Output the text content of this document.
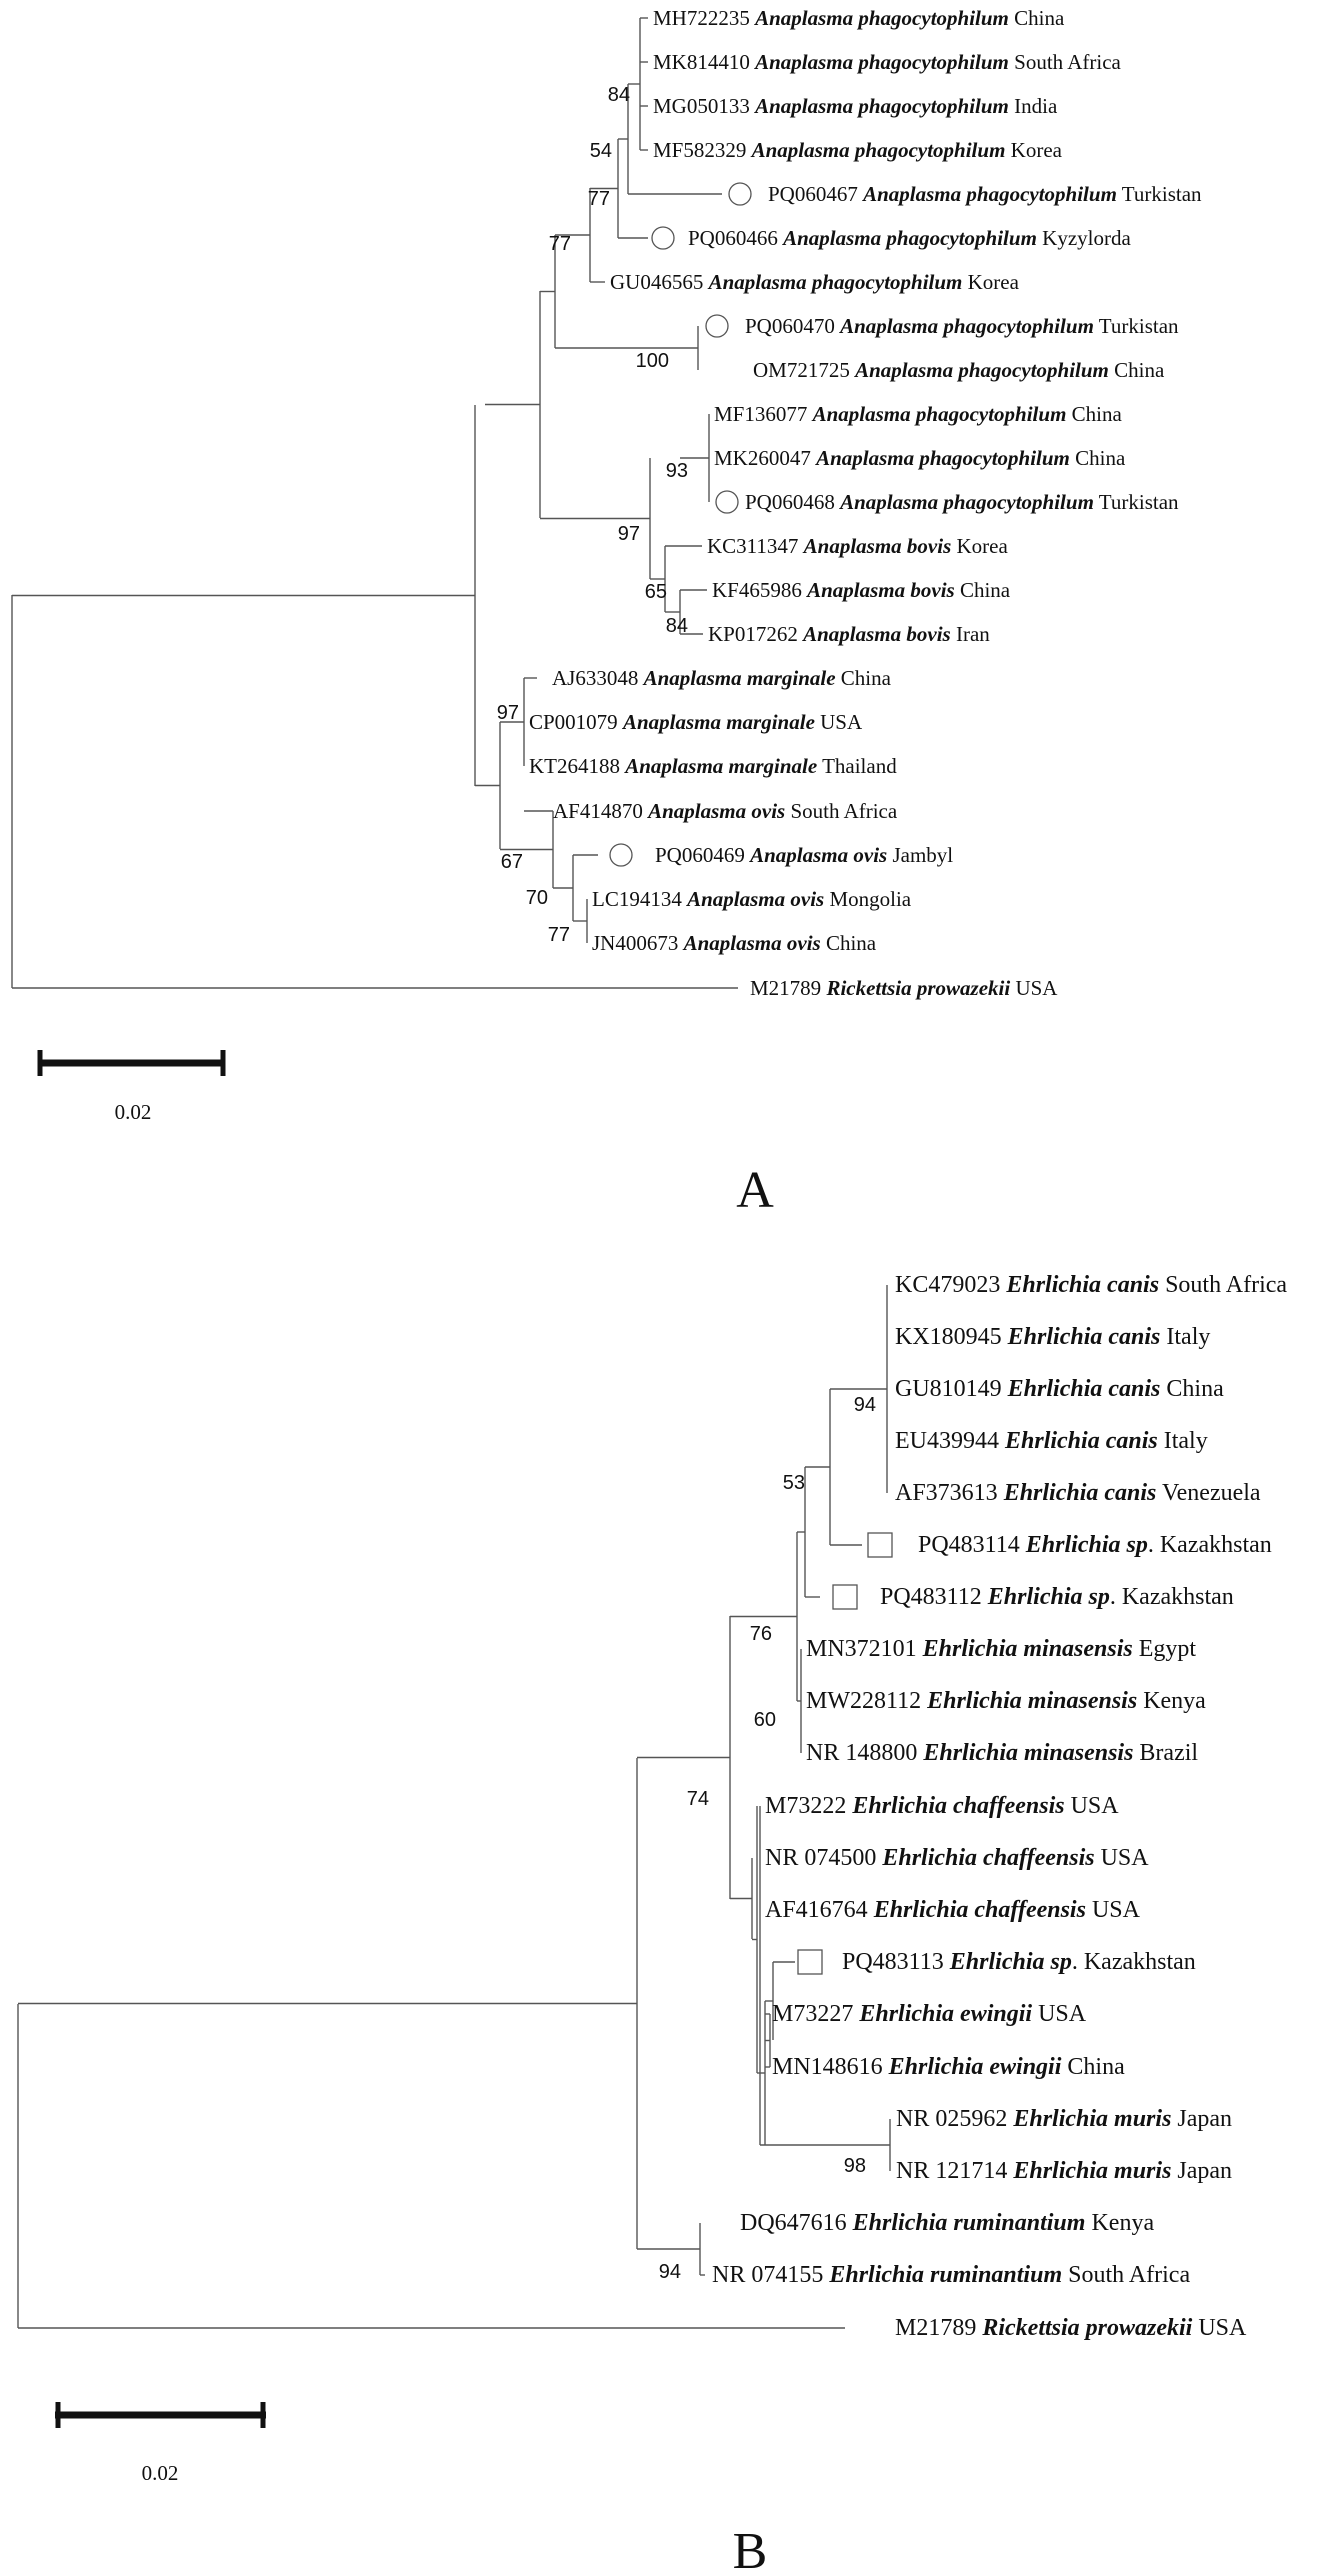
MH722235 Anaplasma phagocytophilum China
MK814410 Anaplasma phagocytophilum South Africa
MG050133 Anaplasma phagocytophilum India
MF582329 Anaplasma phagocytophilum Korea
PQ060467 Anaplasma phagocytophilum Turkistan
PQ060466 Anaplasma phagocytophilum Kyzylorda
GU046565 Anaplasma phagocytophilum Korea
PQ060470 Anaplasma phagocytophilum Turkistan
OM721725 Anaplasma phagocytophilum China
MF136077 Anaplasma phagocytophilum China
MK260047 Anaplasma phagocytophilum China
PQ060468 Anaplasma phagocytophilum Turkistan
KC311347 Anaplasma bovis Korea
KF465986 Anaplasma bovis China
KP017262 Anaplasma bovis Iran
AJ633048 Anaplasma marginale China
CP001079 Anaplasma marginale USA
KT264188 Anaplasma marginale Thailand
AF414870 Anaplasma ovis South Africa
PQ060469 Anaplasma ovis Jambyl
LC194134 Anaplasma ovis Mongolia
JN400673 Anaplasma ovis China
M21789 Rickettsia prowazekii USA
KC479023 Ehrlichia canis South Africa
KX180945 Ehrlichia canis Italy
GU810149 Ehrlichia canis China
EU439944 Ehrlichia canis Italy
AF373613 Ehrlichia canis Venezuela
PQ483114 Ehrlichia sp. Kazakhstan
PQ483112 Ehrlichia sp. Kazakhstan
MN372101 Ehrlichia minasensis Egypt
MW228112 Ehrlichia minasensis Kenya
NR 148800 Ehrlichia minasensis Brazil
M73222 Ehrlichia chaffeensis USA
NR 074500 Ehrlichia chaffeensis USA
AF416764 Ehrlichia chaffeensis USA
PQ483113 Ehrlichia sp. Kazakhstan
M73227 Ehrlichia ewingii USA
MN148616 Ehrlichia ewingii China
NR 025962 Ehrlichia muris Japan
NR 121714 Ehrlichia muris Japan
DQ647616 Ehrlichia ruminantium Kenya
NR 074155 Ehrlichia ruminantium South Africa
M21789 Rickettsia prowazekii USA
84
54
77
77
100
93
97
65
84
97
67
70
77
94
53
76
60
74
98
94
0.02
A
0.02
B
